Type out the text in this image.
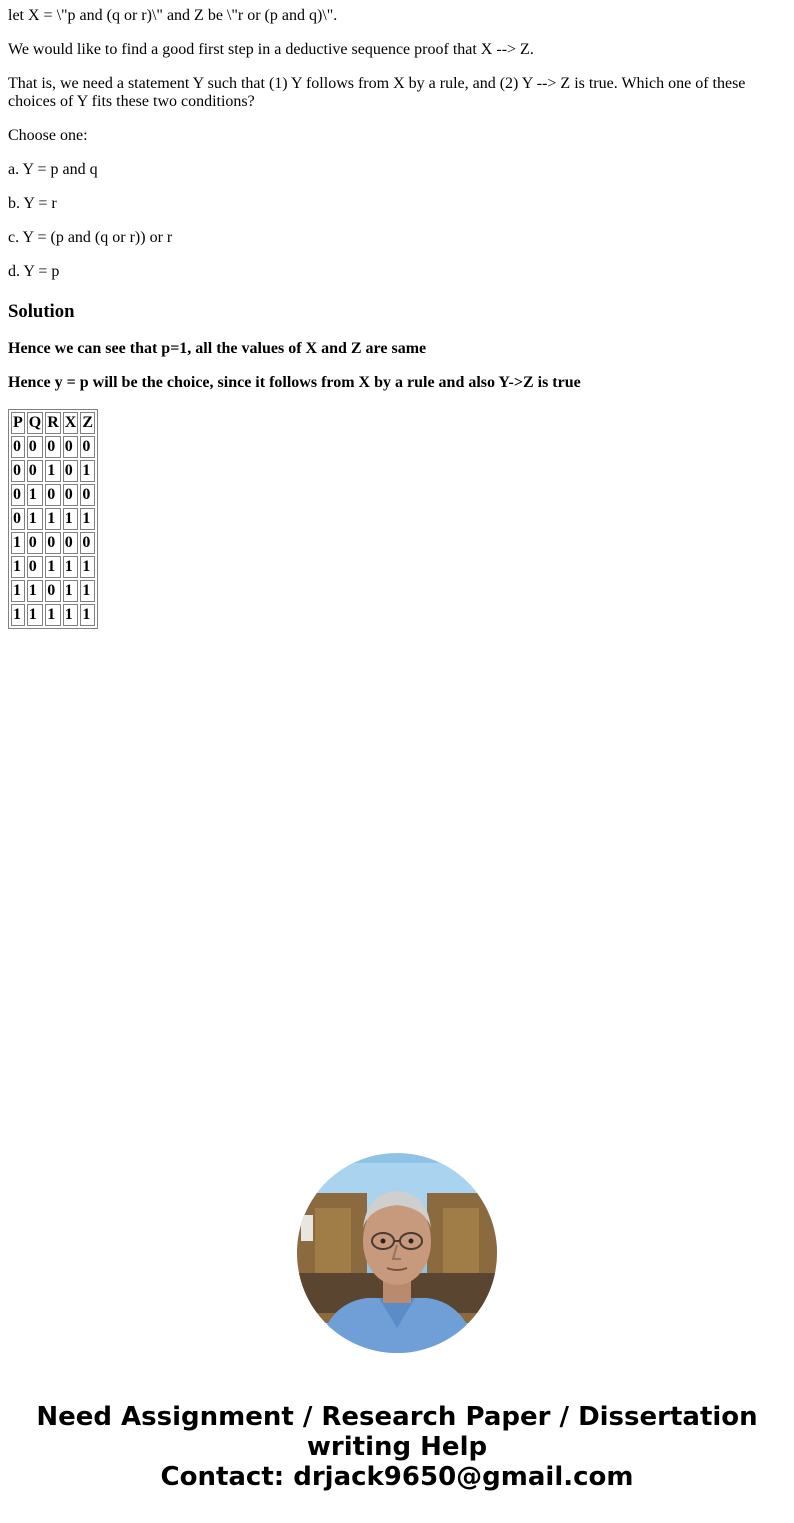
let X = \"p and (q or r)\" and Z be \"r or (p and q)\".

We would like to find a good first step in a deductive sequence proof that X --> Z.

That is, we need a statement Y such that (1) Y follows from X by a rule, and (2) Y --> Z is true. Which one of these choices of Y fits these two conditions?

Choose one:

a. Y = p and q

b. Y = r

c. Y = (p and (q or r)) or r

d. Y = p

Solution

Hence we can see that p=1, all the values of X and Z are same

Hence y = p will be the choice, since it follows from X by a rule and also Y->Z is true

P	Q	R	X	Z
0	0	0	0	0
0	0	1	0	1
0	1	0	0	0
0	1	1	1	1
1	0	0	0	0
1	0	1	1	1
1	1	0	1	1
1	1	1	1	1
Need Assignment / Research Paper / Dissertation
writing Help
Contact: drjack9650@gmail.com
